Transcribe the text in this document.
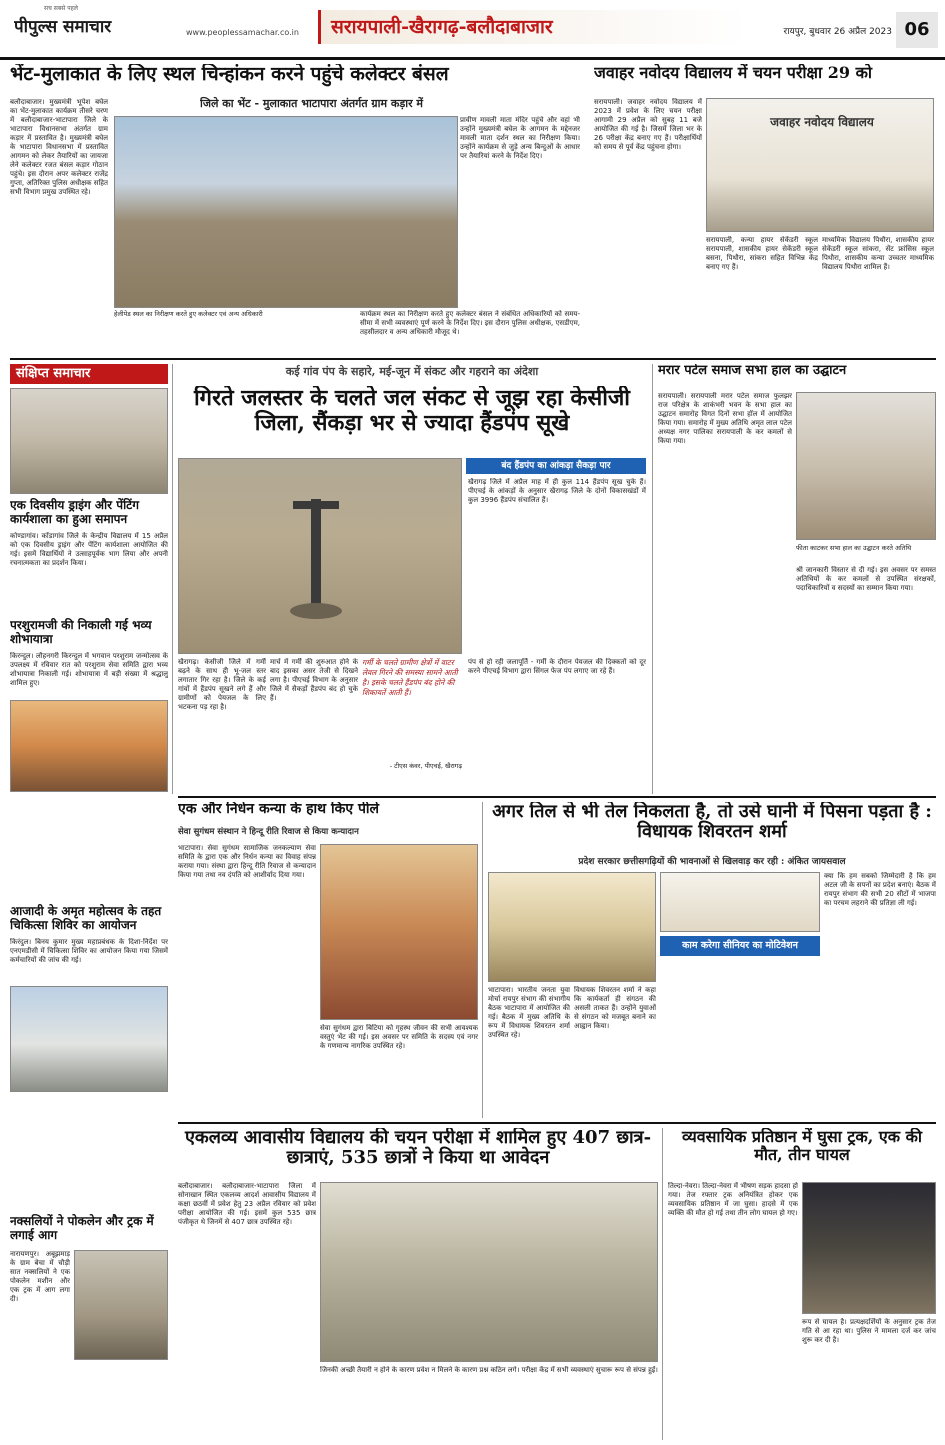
पीपुल्स समाचार
सच सबसे पहले
www.peoplessamachar.co.in	सरायपाली-खैरागढ़-बलौदाबाजार	रायपुर, बुधवार 26 अप्रैल 2023 06
भेंट-मुलाकात के लिए स्थल चिन्हांकन करने पहुंचे कलेक्टर बंसल
जिले का भेंट - मुलाकात भाटापारा अंतर्गत ग्राम कड़ार में
बलौदाबाजार। मुख्यमंत्री भूपेश बघेल का भेंट-मुलाकात कार्यक्रम तीसरे चरण में बलौदाबाजार-भाटापारा जिले के भाटापारा विधानसभा अंतर्गत ग्राम कड़ार में प्रस्तावित है। मुख्यमंत्री बघेल के भाटापारा विधानसभा में प्रस्तावित आगमन को लेकर तैयारियों का जायजा लेने कलेक्टर रजत बंसल कड़ार गोठान पहुंचे। इस दौरान अपर कलेक्टर राजेंद्र गुप्ता, अतिरिक्त पुलिस अधीक्षक सहित सभी विभाग प्रमुख उपस्थित रहे।
प्रावीण मावली माता मंदिर पहुंचे और वहां भी उन्होंने मुख्यमंत्री बघेल के आगमन के मद्देनजर मावली माता दर्शन स्थल का निरीक्षण किया। उन्होंने कार्यक्रम से जुड़े अन्य बिन्दुओं के आधार पर तैयारियां करने के निर्देश दिए।
हेलीपेड स्थल का निरीक्षण करते हुए कलेक्टर एवं अन्य अधिकारी	कार्यक्रम स्थल का निरीक्षण करते हुए कलेक्टर बंसल ने संबंधित अधिकारियों को समय-सीमा में सभी व्यवस्थाएं पूर्ण करने के निर्देश दिए। इस दौरान पुलिस अधीक्षक, एसडीएम, तहसीलदार व अन्य अधिकारी मौजूद थे।
जवाहर नवोदय विद्यालय में चयन परीक्षा 29 को
सरायपाली। जवाहर नवोदय विद्यालय में 2023 में प्रवेश के लिए चयन परीक्षा आगामी 29 अप्रैल को सुबह 11 बजे आयोजित की गई है। जिसमें जिला भर के 26 परीक्षा केंद्र बनाए गए हैं। परीक्षार्थियों को समय से पूर्व केंद्र पहुंचना होगा।
जवाहर नवोदय विद्यालय
सरायपाली, कन्या हायर सेकेंडरी स्कूल सरायपाली, शासकीय हायर सेकेंडरी स्कूल बसना, पिथौरा, सांकरा सहित विभिन्न केंद्र बनाए गए हैं।
माध्यमिक विद्यालय पिथौरा, शासकीय हायर सेकेंडरी स्कूल सांकरा, सेंट फ्रांसिस स्कूल पिथौरा, शासकीय कन्या उच्चतर माध्यमिक विद्यालय पिथौरा शामिल हैं।
संक्षिप्त समाचार
एक दिवसीय ड्राइंग और पेंटिंग कार्यशाला का हुआ समापन
कोण्डागांव। कोंडागांव जिले के केन्द्रीय विद्यालय में 15 अप्रैल को एक दिवसीय ड्राइंग और पेंटिंग कार्यशाला आयोजित की गई। इसमें विद्यार्थियों ने उत्साहपूर्वक भाग लिया और अपनी रचनात्मकता का प्रदर्शन किया।
परशुरामजी की निकाली गई भव्य शोभायात्रा
किरन्दुल। लौहनगरी किरन्दुल में भगवान परशुराम जन्मोत्सव के उपलक्ष्य में रविवार रात को परशुराम सेवा समिति द्वारा भव्य शोभायात्रा निकाली गई। शोभायात्रा में बड़ी संख्या में श्रद्धालु शामिल हुए।
आजादी के अमृत महोत्सव के तहत चिकित्सा शिविर का आयोजन
किरंदुल। बिनय कुमार मुख्य महाप्रबंधक के दिशा-निर्देश पर एनएमडीसी में चिकित्सा शिविर का आयोजन किया गया जिसमें कर्मचारियों की जांच की गई।
नक्सलियों ने पोकलेन और ट्रक में लगाई आग
नारायणपुर। अबूझमाड़ के ग्राम बेचा में चौड़ी सात नक्सलियों ने एक पोकलेन मशीन और एक ट्रक में आग लगा दी।
कई गांव पंप के सहारे, मई-जून में संकट और गहराने का अंदेशा
गिरते जलस्तर के चलते जल संकट से जूझ रहा केसीजी जिला, सैंकड़ा भर से ज्यादा हैंडपंप सूखे
बंद हैंडपंप का आंकड़ा सैकड़ा पार
खैरागढ़ जिले में अप्रैल माह में ही कुल 114 हैंडपंप सूख चुके हैं। पीएचई के आंकड़ों के अनुसार खैरागढ़ जिले के दोनों विकासखंडों में कुल 3996 हैंडपंप संचालित हैं।
खैरागढ़। केसीजी जिले में गर्मी बढ़ने के साथ ही भू-जल स्तर लगातार गिर रहा है। जिले के कई गांवों में हैंडपंप सूखने लगे हैं और ग्रामीणों को पेयजल के लिए भटकना पड़ रहा है।
मार्च में गर्मी की शुरुआत होने के बाद इसका असर तेजी से दिखने लगा है। पीएचई विभाग के अनुसार जिले में सैकड़ों हैंडपंप बंद हो चुके हैं।
गर्मी के चलते ग्रामीण क्षेत्रों में वाटर लेवल गिरने की समस्या सामने आती है। इसके चलते हैंडपंप बंद होने की शिकायतें आती हैं।
- टीएस कंवर, पीएचई, खैरागढ़
पंप से हो रही जलापूर्ति - गर्मी के दौरान पेयजल की दिक्कतों को दूर करने पीएचई विभाग द्वारा सिंगल फेज पंप लगाए जा रहे हैं।
मरार पटेल समाज सभा हाल का उद्घाटन
सरायपाली। सरायपाली मरार पटेल समाज फुलझर राज परिक्षेत्र के शाकंभरी भवन के सभा हाल का उद्घाटन समारोह विगत दिनों सभा हॉल में आयोजित किया गया। समारोह में मुख्य अतिथि अमृत लाल पटेल अध्यक्ष नगर पालिका सरायपाली के कर कमलों से किया गया।
फीता काटकर सभा हाल का उद्घाटन करते अतिथि
श्री जानकारी विस्तार से दी गई। इस अवसर पर समस्त अतिथियों के कर कमलों से उपस्थित संरक्षकों, पदाधिकारियों व सदस्यों का सम्मान किया गया।
एक और निर्धन कन्या के हाथ किए पीले
सेवा सुगंधम संस्थान ने हिन्दू रीति रिवाज से किया कन्यादान
भाटापारा। सेवा सुगंधम सामाजिक जनकल्याण सेवा समिति के द्वारा एक और निर्धन कन्या का विवाह संपन्न कराया गया। संस्था द्वारा हिन्दू रीति रिवाज से कन्यादान किया गया तथा नव दंपति को आशीर्वाद दिया गया।
सेवा सुगंधम द्वारा बिटिया को गृहस्थ जीवन की सभी आवश्यक वस्तुएं भेंट की गई। इस अवसर पर समिति के सदस्य एवं नगर के गणमान्य नागरिक उपस्थित रहे।
अगर तिल से भी तेल निकलता है, तो उसे घानी में पिसना पड़ता है : विधायक शिवरतन शर्मा
प्रदेश सरकार छत्तीसगढ़ियों की भावनाओं से खिलवाड़ कर रही : अंकित जायसवाल
भाटापारा। भारतीय जनता युवा मोर्चा रायपुर संभाग की संभागीय बैठक भाटापारा में आयोजित की गई। बैठक में मुख्य अतिथि के रूप में विधायक शिवरतन शर्मा उपस्थित रहे।
विधायक शिवरतन शर्मा ने कहा कि कार्यकर्ता ही संगठन की असली ताकत हैं। उन्होंने युवाओं से संगठन को मजबूत बनाने का आह्वान किया।
काम करेगा सीनियर का मोटिवेशन
क्या कि हम सबको जिम्मेदारी है कि हम अटल जी के सपनों का प्रदेश बनाएं। बैठक में रायपुर संभाग की सभी 20 सीटों में भाजपा का परचम लहराने की प्रतिज्ञा ली गई।
एकलव्य आवासीय विद्यालय की चयन परीक्षा में शामिल हुए 407 छात्र-छात्राएं, 535 छात्रों ने किया था आवेदन
बलौदाबाजार। बलौदाबाजार-भाटापारा जिला में सोनाखान स्थित एकलव्य आदर्श आवासीय विद्यालय में कक्षा छठवीं में प्रवेश हेतु 23 अप्रैल रविवार को प्रवेश परीक्षा आयोजित की गई। इसमें कुल 535 छात्र पंजीकृत थे जिनमें से 407 छात्र उपस्थित रहे।
जिनकी अच्छी तैयारी न होने के कारण प्रवेश न मिलने के कारण प्रश्न कठिन लगे। परीक्षा केंद्र में सभी व्यवस्थाएं सुचारू रूप से संपन्न हुईं।
व्यवसायिक प्रतिष्ठान में घुसा ट्रक, एक की मौत, तीन घायल
तिल्दा-नेवरा। तिल्दा-नेवरा में भीषण सड़क हादसा हो गया। तेज रफ्तार ट्रक अनियंत्रित होकर एक व्यवसायिक प्रतिष्ठान में जा घुसा। हादसे में एक व्यक्ति की मौत हो गई तथा तीन लोग घायल हो गए।
रूप से घायल है। प्रत्यक्षदर्शियों के अनुसार ट्रक तेज गति से आ रहा था। पुलिस ने मामला दर्ज कर जांच शुरू कर दी है।
